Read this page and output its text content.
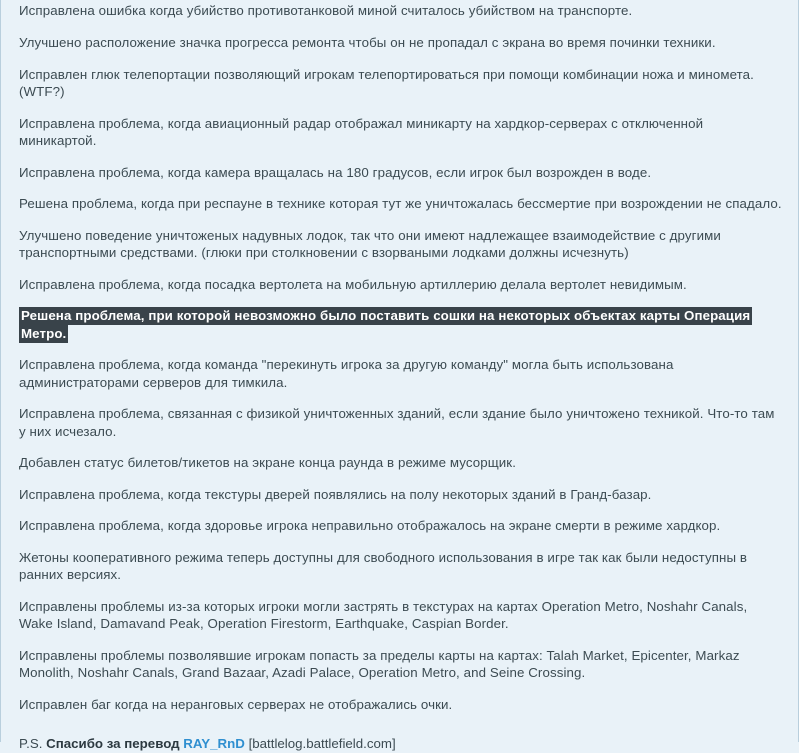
Исправлена ошибка когда убийство противотанковой миной считалось убийством на транспорте.

Улучшено расположение значка прогресса ремонта чтобы он не пропадал с экрана во время починки техники.

Исправлен глюк телепортации позволяющий игрокам телепортироваться при помощи комбинации ножа и миномета.(WTF?)

Исправлена проблема, когда авиационный радар отображал миникарту на хардкор-серверах с отключенной миникартой.

Исправлена проблема, когда камера вращалась на 180 градусов, если игрок был возрожден в воде.

Решена проблема, когда при респауне в технике которая тут же уничтожалась бессмертие при возрождении не спадало.

Улучшено поведение уничтоженых надувных лодок, так что они имеют надлежащее взаимодействие с другими транспортными средствами. (глюки при столкновении с взорваными лодками должны исчезнуть)

Исправлена проблема, когда посадка вертолета на мобильную артиллерию делала вертолет невидимым.

Решена проблема, при которой невозможно было поставить сошки на некоторых объектах карты Операция Метро.

Исправлена проблема, когда команда "перекинуть игрока за другую команду" могла быть использована администраторами серверов для тимкила.

Исправлена проблема, связанная с физикой уничтоженных зданий, если здание было уничтожено техникой. Что-то там у них исчезало.

Добавлен статус билетов/тикетов на экране конца раунда в режиме мусорщик.

Исправлена проблема, когда текстуры дверей появлялись на полу некоторых зданий в Гранд-базар.

Исправлена проблема, когда здоровье игрока неправильно отображалось на экране смерти в режиме хардкор.

Жетоны кооперативного режима теперь доступны для свободного использования в игре так как были недоступны в ранних версиях.

Исправлены проблемы из-за которых игроки могли застрять в текстурах на картах Operation Metro, Noshahr Canals, Wake Island, Damavand Peak, Operation Firestorm, Earthquake, Caspian Border.

Исправлены проблемы позволявшие игрокам попасть за пределы карты на картах: Talah Market, Epicenter, Markaz Monolith, Noshahr Canals, Grand Bazaar, Azadi Palace, Operation Metro, and Seine Crossing.

Исправлен баг когда на неранговых серверах не отображались очки.

P.S. Спасибо за перевод RAY_RnD [battlelog.battlefield.com]
